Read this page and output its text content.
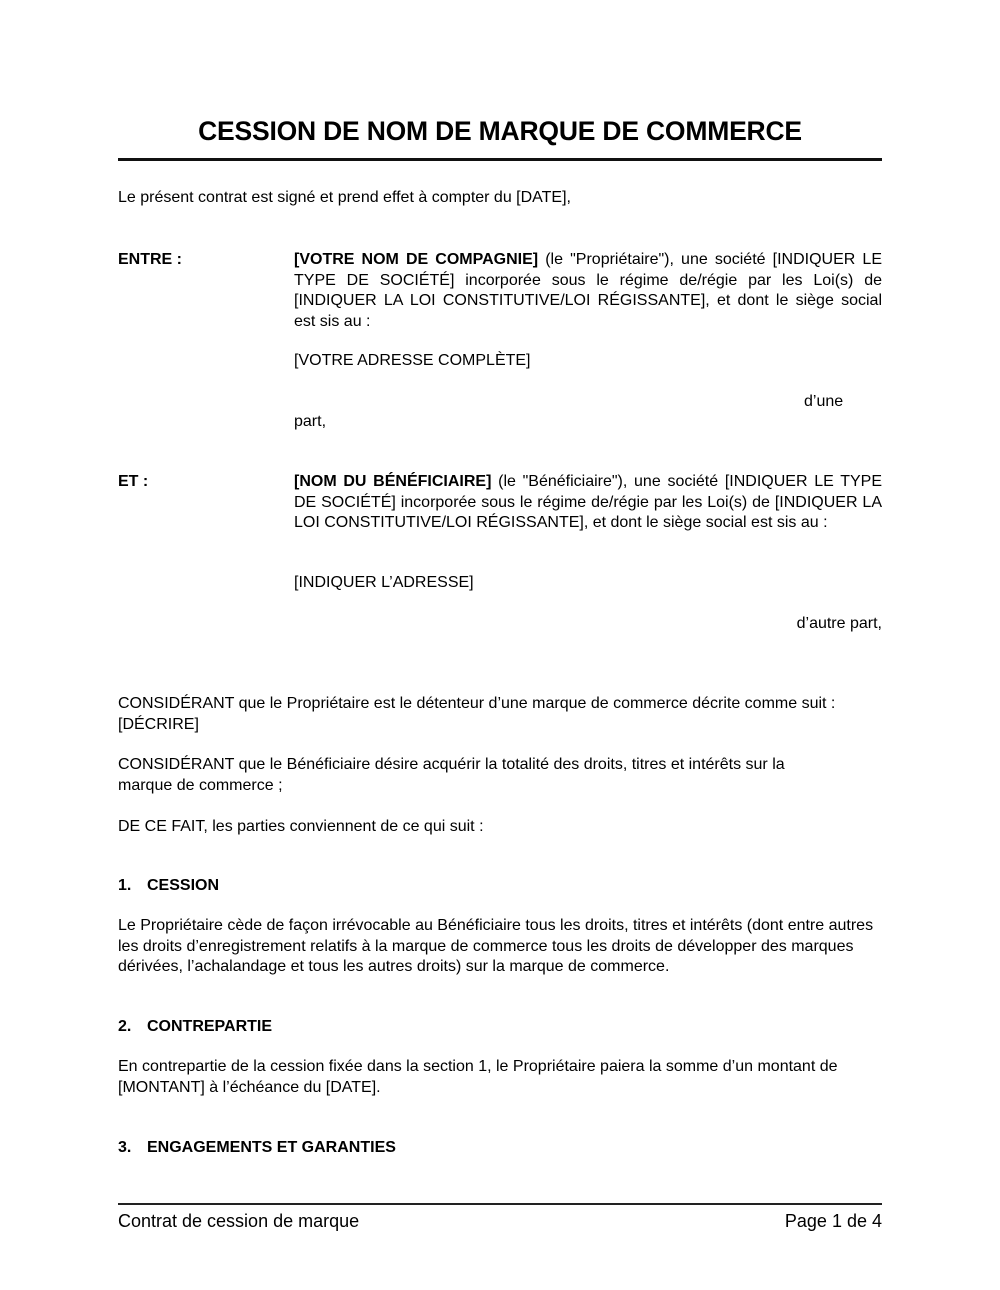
CESSION DE NOM DE MARQUE DE COMMERCE
Le présent contrat est signé et prend effet à compter du [DATE],
ENTRE :	[VOTRE NOM DE COMPAGNIE] (le "Propriétaire"), une société [INDIQUER LE TYPE DE SOCIÉTÉ] incorporée sous le régime de/régie par les Loi(s) de [INDIQUER LA LOI CONSTITUTIVE/LOI RÉGISSANTE], et dont le siège social est sis au :
[VOTRE ADRESSE COMPLÈTE]
d’une
part,
ET :	[NOM DU BÉNÉFICIAIRE] (le "Bénéficiaire"), une société [INDIQUER LE TYPE DE SOCIÉTÉ] incorporée sous le régime de/régie par les Loi(s) de [INDIQUER LA LOI CONSTITUTIVE/LOI RÉGISSANTE], et dont le siège social est sis au :
[INDIQUER L’ADRESSE]
d’autre part,
CONSIDÉRANT que le Propriétaire est le détenteur d’une marque de commerce décrite comme suit : [DÉCRIRE]
CONSIDÉRANT que le Bénéficiaire désire acquérir la totalité des droits, titres et intérêts sur la marque de commerce ;
DE CE FAIT, les parties conviennent de ce qui suit :
1. CESSION
Le Propriétaire cède de façon irrévocable au Bénéficiaire tous les droits, titres et intérêts (dont entre autres les droits d’enregistrement relatifs à la marque de commerce tous les droits de développer des marques dérivées, l’achalandage et tous les autres droits) sur la marque de commerce.
2. CONTREPARTIE
En contrepartie de la cession fixée dans la section 1, le Propriétaire paiera la somme d’un montant de [MONTANT] à l’échéance du [DATE].
3. ENGAGEMENTS ET GARANTIES
Contrat de cession de marque	Page 1 de 4
